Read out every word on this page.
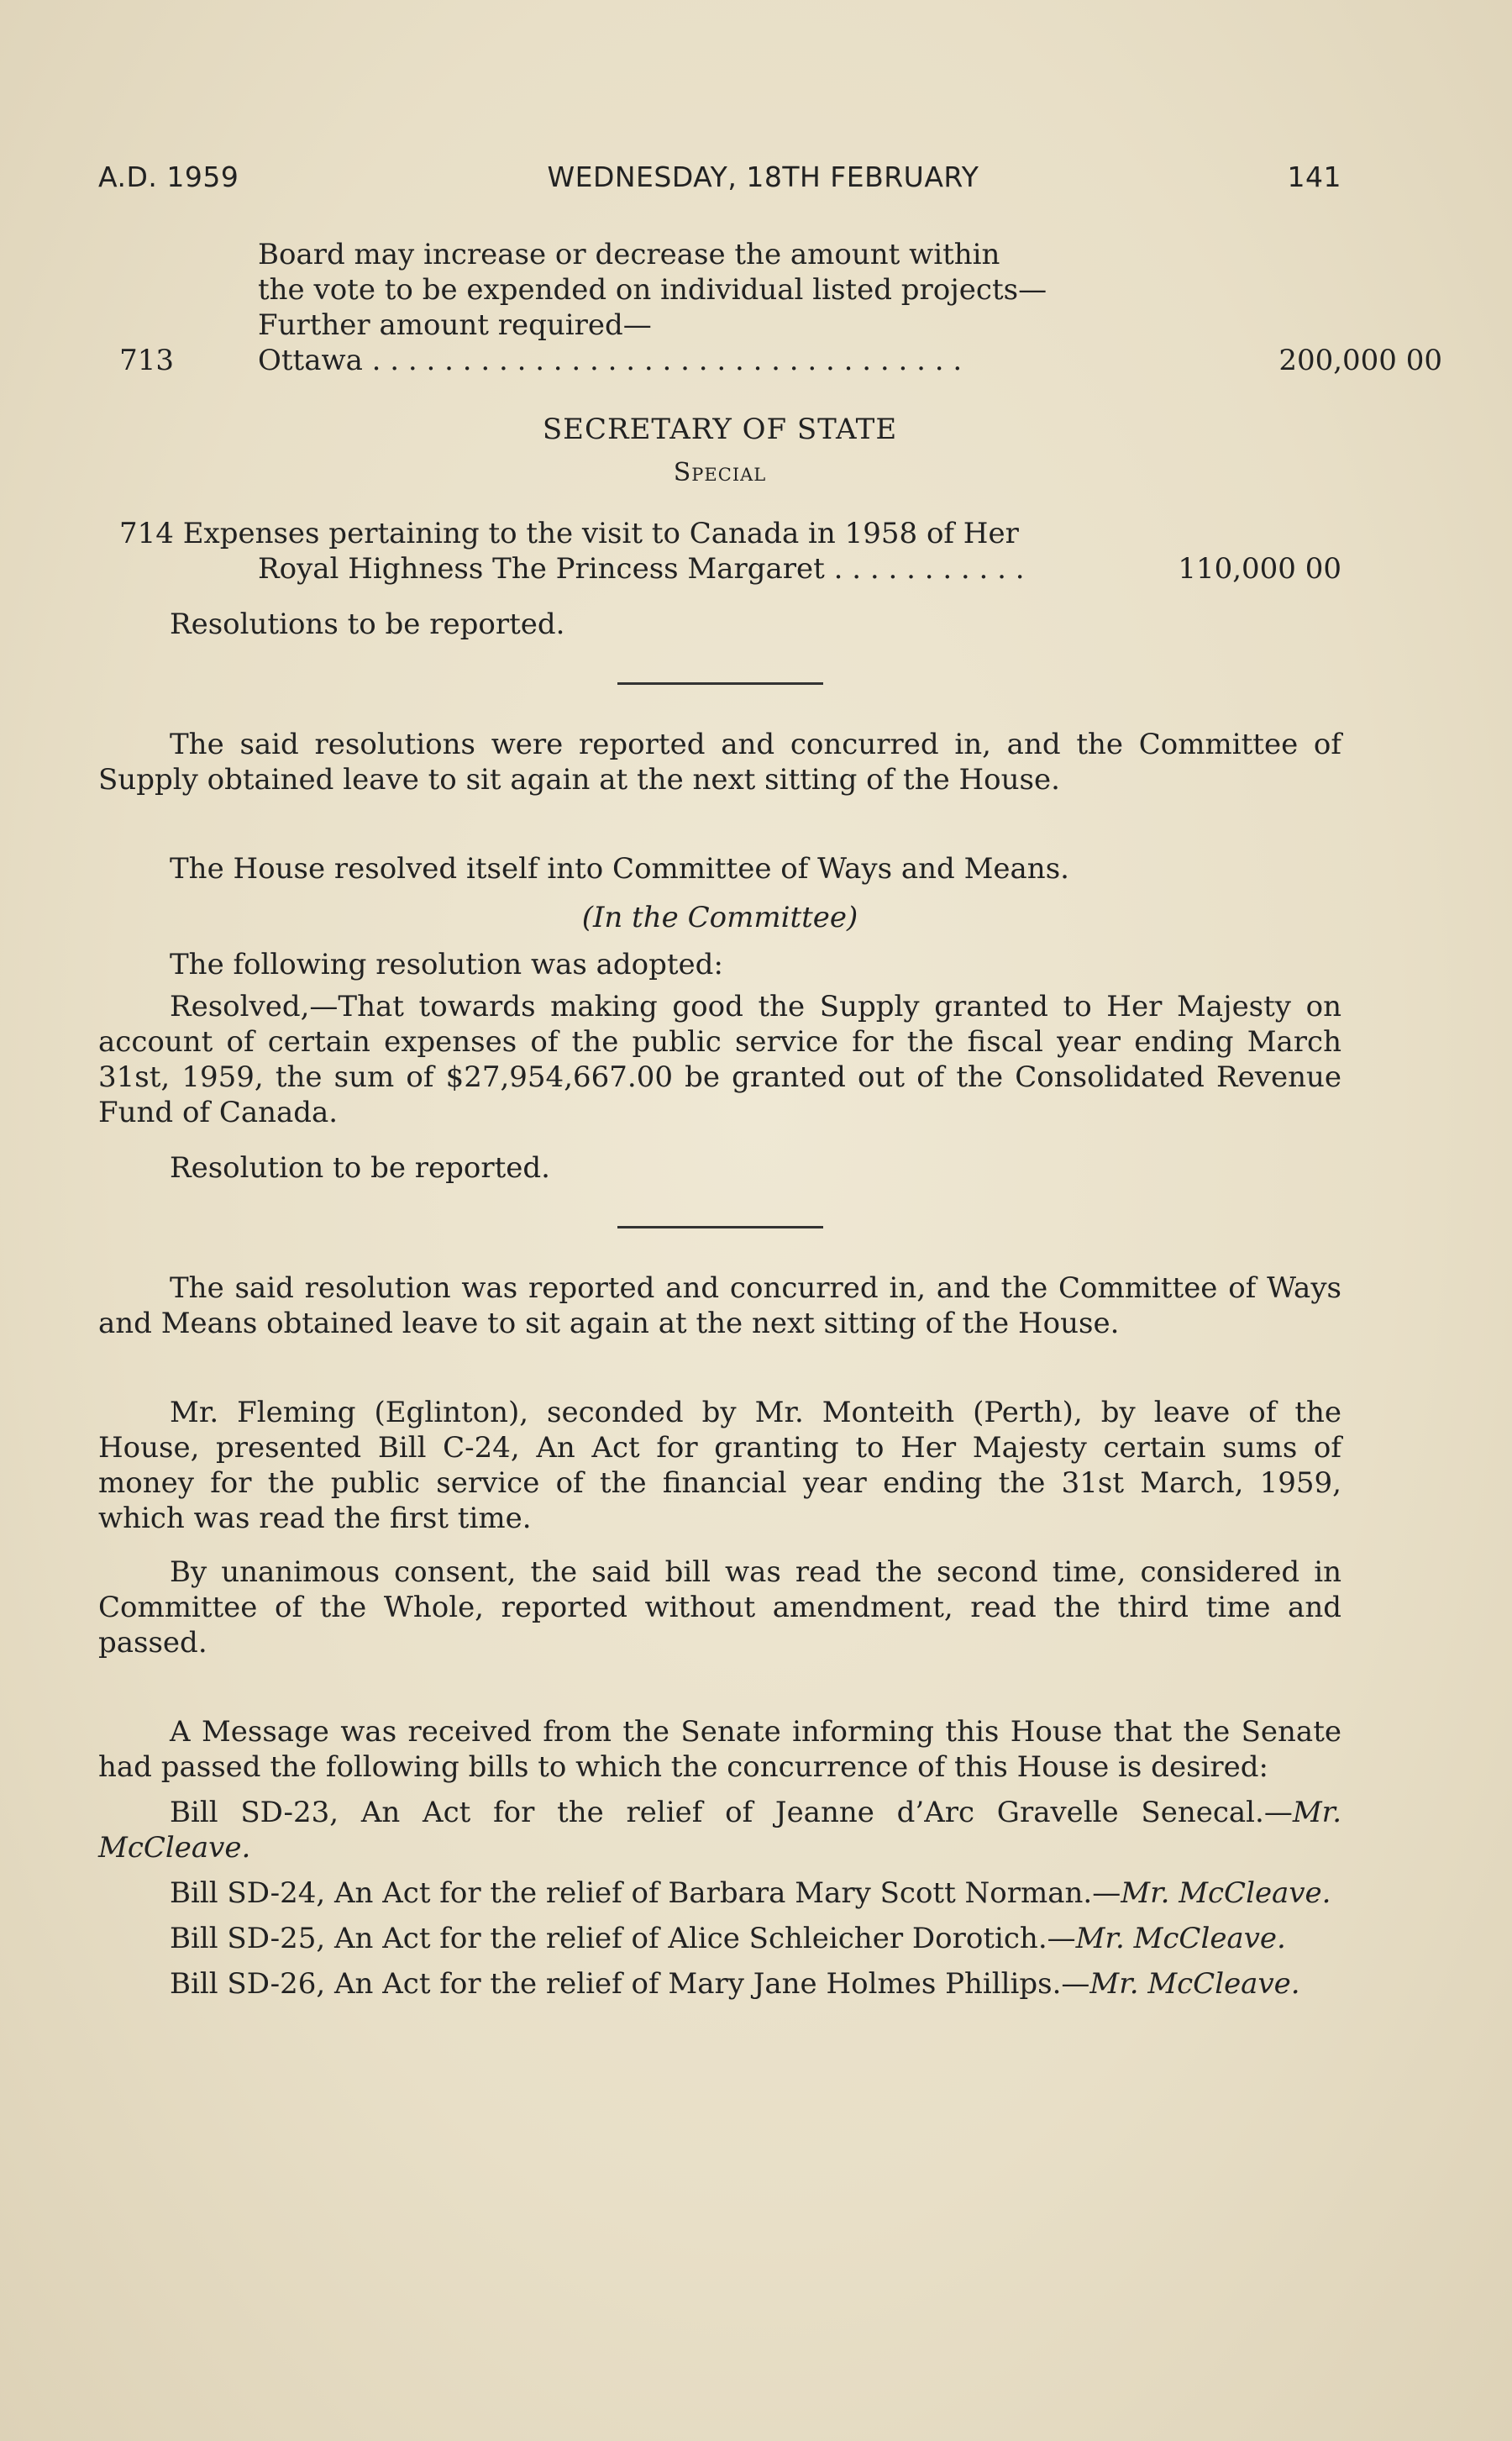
A.D. 1959	WEDNESDAY, 18TH FEBRUARY	141

Board may increase or decrease the amount within

the vote to be expended on individual listed projects—

Further amount required—

713	Ottawa . . . . . . . . . . . . . . . . . . . . . . . . . . . . . . . . .	200,000 00
SECRETARY OF STATE
Special

714 Expenses pertaining to the visit to Canada in 1958 of Her

Royal Highness The Princess Margaret . . . . . . . . . . .	110,000 00

Resolutions to be reported.

The said resolutions were reported and concurred in, and the Committee of Supply obtained leave to sit again at the next sitting of the House.

The House resolved itself into Committee of Ways and Means.

(In the Committee)

The following resolution was adopted:

Resolved,—That towards making good the Supply granted to Her Majesty on account of certain expenses of the public service for the fiscal year ending March 31st, 1959, the sum of $27,954,667.00 be granted out of the Consolidated Revenue Fund of Canada.

Resolution to be reported.

The said resolution was reported and concurred in, and the Committee of Ways and Means obtained leave to sit again at the next sitting of the House.

Mr. Fleming (Eglinton), seconded by Mr. Monteith (Perth), by leave of the House, presented Bill C-24, An Act for granting to Her Majesty certain sums of money for the public service of the financial year ending the 31st March, 1959, which was read the first time.

By unanimous consent, the said bill was read the second time, considered in Committee of the Whole, reported without amendment, read the third time and passed.

A Message was received from the Senate informing this House that the Senate had passed the following bills to which the concurrence of this House is desired:

Bill SD-23, An Act for the relief of Jeanne d’Arc Gravelle Senecal.—Mr. McCleave.

Bill SD-24, An Act for the relief of Barbara Mary Scott Norman.—Mr. McCleave.

Bill SD-25, An Act for the relief of Alice Schleicher Dorotich.—Mr. McCleave.

Bill SD-26, An Act for the relief of Mary Jane Holmes Phillips.—Mr. McCleave.
